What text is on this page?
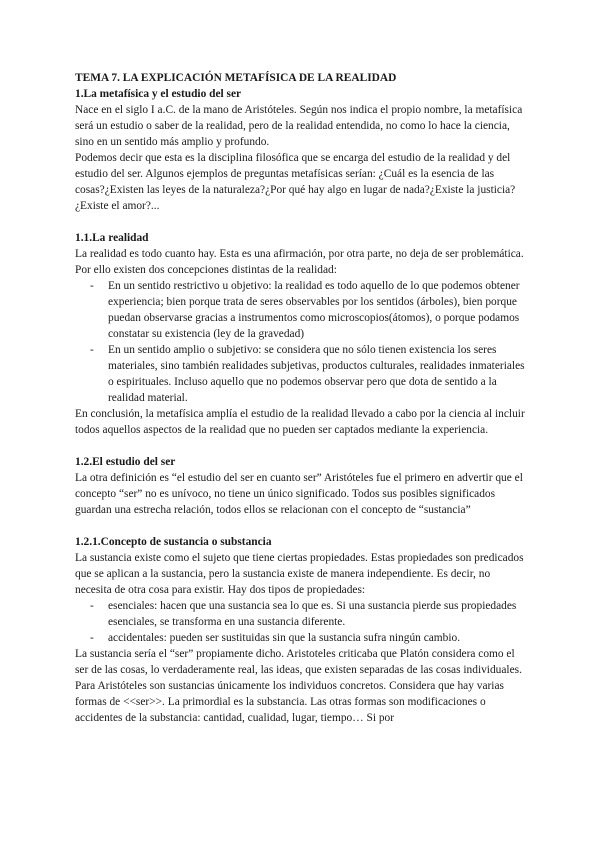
TEMA 7. LA EXPLICACIÓN METAFÍSICA DE LA REALIDAD

1.La metafísica y el estudio del ser

Nace en el siglo I a.C. de la mano de Aristóteles. Según nos indica el propio nombre, la metafísica será un estudio o saber de la realidad, pero de la realidad entendida, no como lo hace la ciencia, sino en un sentido más amplio y profundo.

Podemos decir que esta es la disciplina filosófica que se encarga del estudio de la realidad y del estudio del ser. Algunos ejemplos de preguntas metafísicas serían: ¿Cuál es la esencia de las cosas?¿Existen las leyes de la naturaleza?¿Por qué hay algo en lugar de nada?¿Existe la justicia?¿Existe el amor?...

1.1.La realidad

La realidad es todo cuanto hay. Esta es una afirmación, por otra parte, no deja de ser problemática. Por ello existen dos concepciones distintas de la realidad:

- En un sentido restrictivo u objetivo: la realidad es todo aquello de lo que podemos obtener experiencia; bien porque trata de seres observables por los sentidos (árboles), bien porque puedan observarse gracias a instrumentos como microscopios(átomos), o porque podamos constatar su existencia (ley de la gravedad)
- En un sentido amplio o subjetivo: se considera que no sólo tienen existencia los seres materiales, sino también realidades subjetivas, productos culturales, realidades inmateriales o espirituales. Incluso aquello que no podemos observar pero que dota de sentido a la realidad material.

En conclusión, la metafísica amplía el estudio de la realidad llevado a cabo por la ciencia al incluir todos aquellos aspectos de la realidad que no pueden ser captados mediante la experiencia.

1.2.El estudio del ser

La otra definición es “el estudio del ser en cuanto ser” Aristóteles fue el primero en advertir que el concepto “ser” no es unívoco, no tiene un único significado. Todos sus posibles significados guardan una estrecha relación, todos ellos se relacionan con el concepto de “sustancia”

1.2.1.Concepto de sustancia o substancia

La sustancia existe como el sujeto que tiene ciertas propiedades. Estas propiedades son predicados que se aplican a la sustancia, pero la sustancia existe de manera independiente. Es decir, no necesita de otra cosa para existir. Hay dos tipos de propiedades:

- esenciales: hacen que una sustancia sea lo que es. Si una sustancia pierde sus propiedades esenciales, se transforma en una sustancia diferente.
- accidentales: pueden ser sustituidas sin que la sustancia sufra ningún cambio.

La sustancia sería el “ser” propiamente dicho. Aristoteles criticaba que Platón considera como el ser de las cosas, lo verdaderamente real, las ideas, que existen separadas de las cosas individuales. Para Aristóteles son sustancias únicamente los individuos concretos. Considera que hay varias formas de <<ser>>. La primordial es la substancia. Las otras formas son modificaciones o accidentes de la substancia: cantidad, cualidad, lugar, tiempo… Si por
